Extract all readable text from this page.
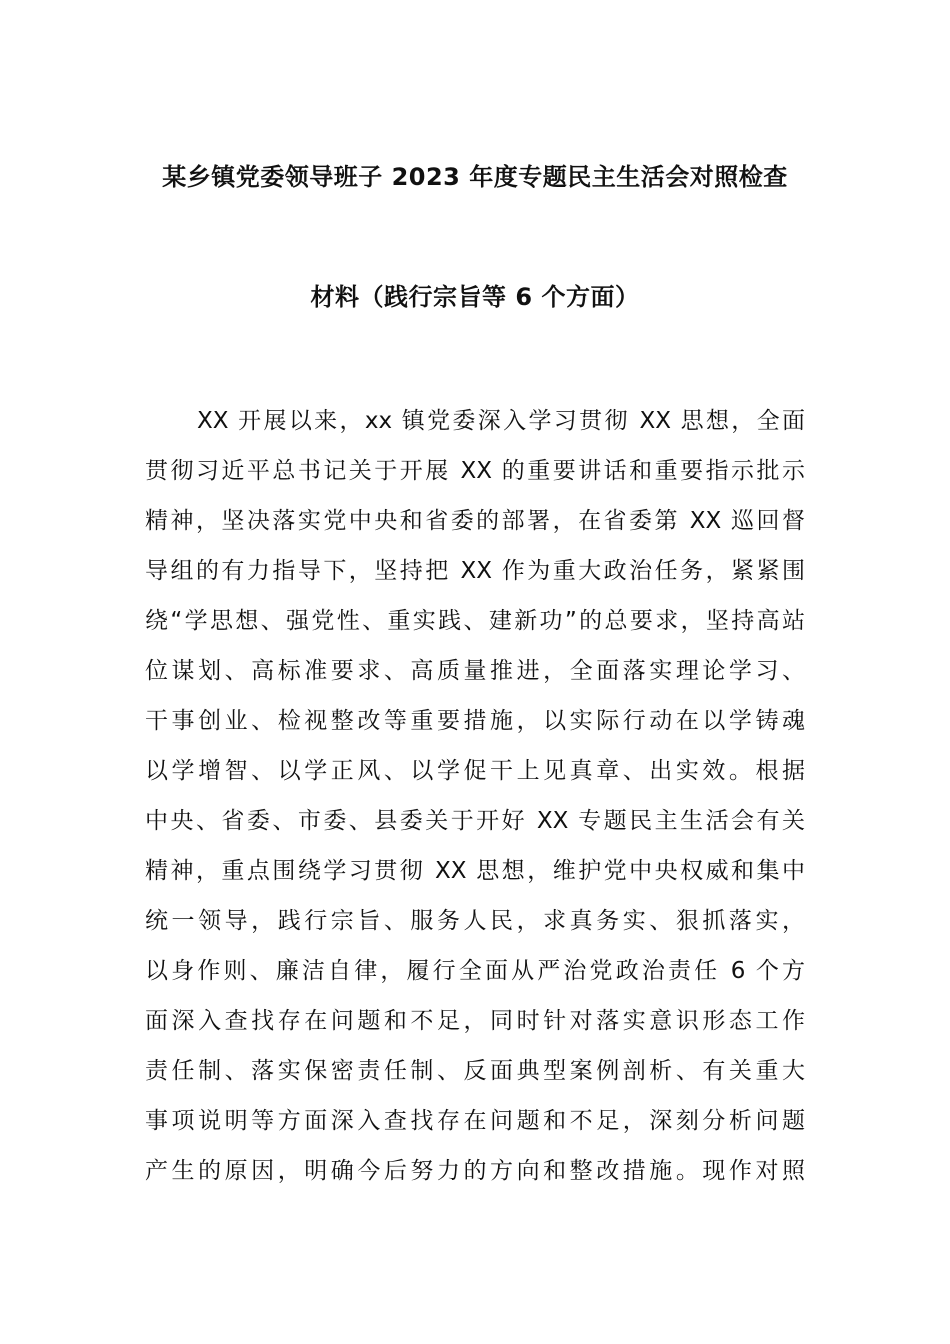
某乡镇党委领导班子 2023 年度专题民主生活会对照检查
材料（践行宗旨等 6 个方面）
XX 开展以来，xx 镇党委深入学习贯彻 XX 思想，全面
贯彻习近平总书记关于开展 XX 的重要讲话和重要指示批示
精神，坚决落实党中央和省委的部署，在省委第 XX 巡回督
导组的有力指导下，坚持把 XX 作为重大政治任务，紧紧围
绕“学思想、强党性、重实践、建新功”的总要求，坚持高站
位谋划、高标准要求、高质量推进，全面落实理论学习、
干事创业、检视整改等重要措施，以实际行动在以学铸魂
以学增智、以学正风、以学促干上见真章、出实效。根据
中央、省委、市委、县委关于开好 XX 专题民主生活会有关
精神，重点围绕学习贯彻 XX 思想，维护党中央权威和集中
统一领导，践行宗旨、服务人民，求真务实、狠抓落实，
以身作则、廉洁自律，履行全面从严治党政治责任 6 个方
面深入查找存在问题和不足，同时针对落实意识形态工作
责任制、落实保密责任制、反面典型案例剖析、有关重大
事项说明等方面深入查找存在问题和不足，深刻分析问题
产生的原因，明确今后努力的方向和整改措施。现作对照
